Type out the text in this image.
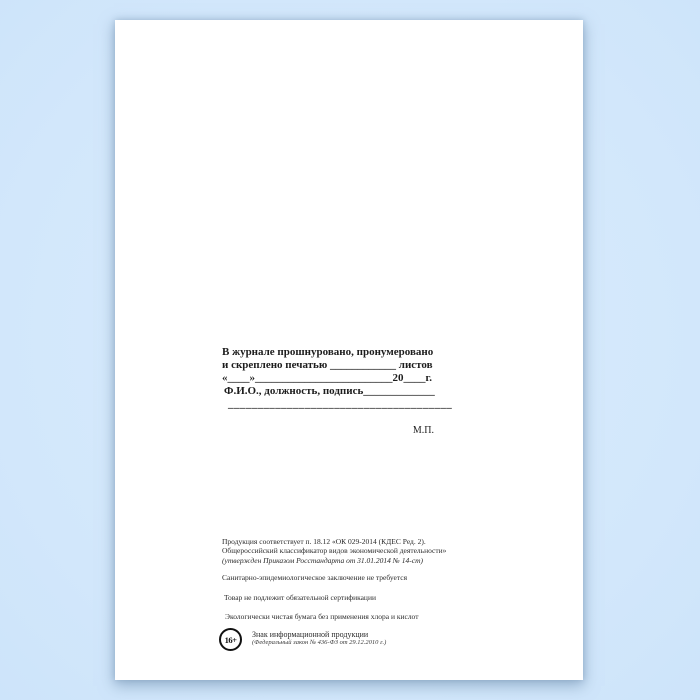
В журнале прошнуровано, пронумеровано
и скреплено печатью ____________ листов
«____»_________________________20____г.
Ф.И.О., должность, подпись_____________
______________________________________
М.П.
Продукция соответствует п. 18.12 «ОК 029-2014 (КДЕС Ред. 2).
Общероссийский классификатор видов экономической деятельности»
(утвержден Приказом Росстандарта от 31.01.2014 № 14-ст)
Санитарно-эпидемиологическое заключение не требуется
Товар не подлежит обязательной сертификации
Экологически чистая бумага без применения хлора и кислот
16+	Знак информационной продукции
(Федеральный закон № 436-ФЗ от 29.12.2010 г.)
